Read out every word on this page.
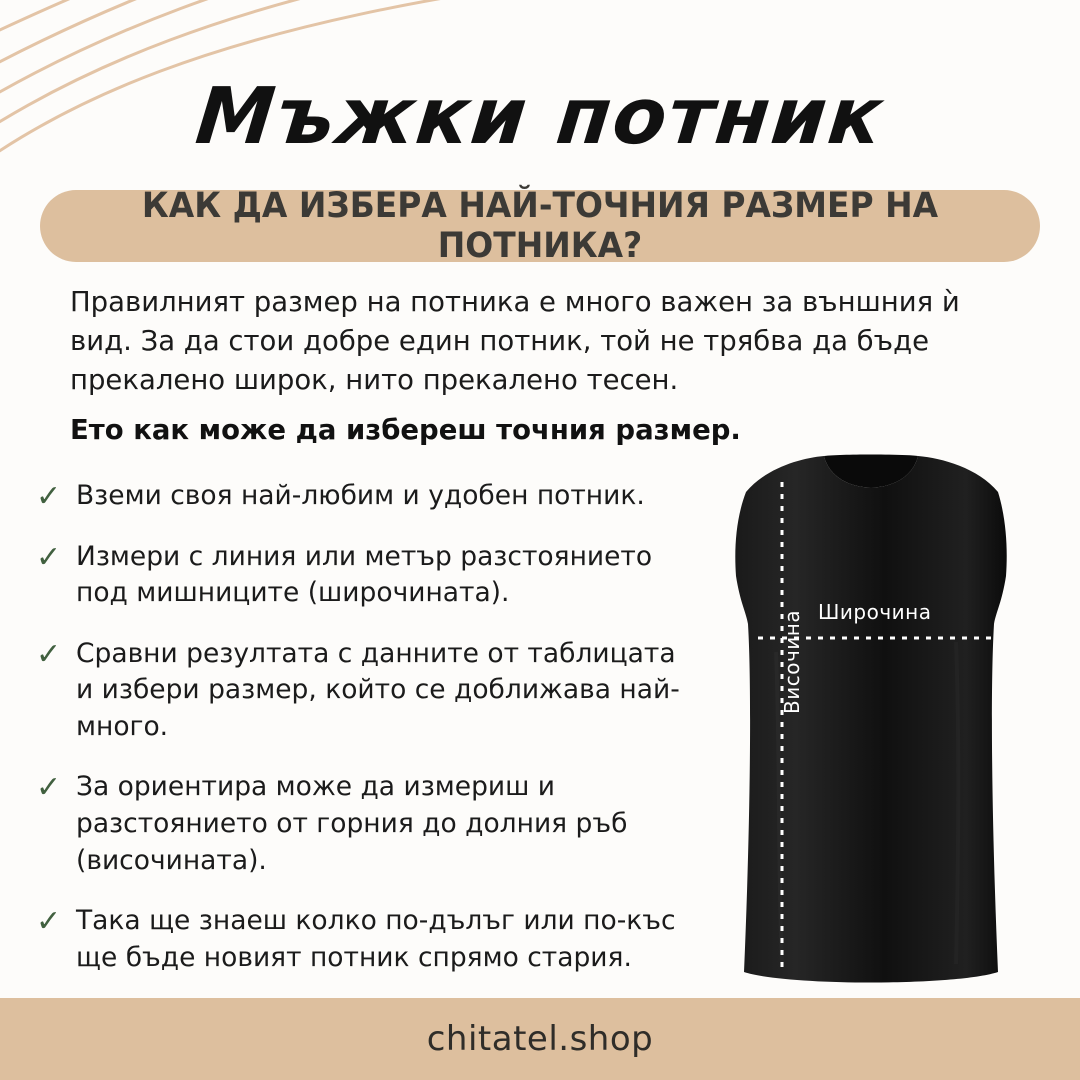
Мъжки потник
КАК ДА ИЗБЕРА НАЙ-ТОЧНИЯ РАЗМЕР НА ПОТНИКА?
Правилният размер на потника е много важен за външния ѝ вид. За да стои добре един потник, той не трябва да бъде прекалено широк, нито прекалено тесен.
Ето как може да избереш точния размер.
✓ Вземи своя най-любим и удобен потник.
✓ Измери с линия или метър разстоянието под мишниците (широчината).
✓ Сравни резултата с данните от таблицата и избери размер, който се доближава най-много.
✓ За ориентира може да измериш и разстоянието от горния до долния ръб (височината).
✓ Така ще знаеш колко по-дълъг или по-къс ще бъде новият потник спрямо стария.
Широчина
Височина
chitatel.shop
